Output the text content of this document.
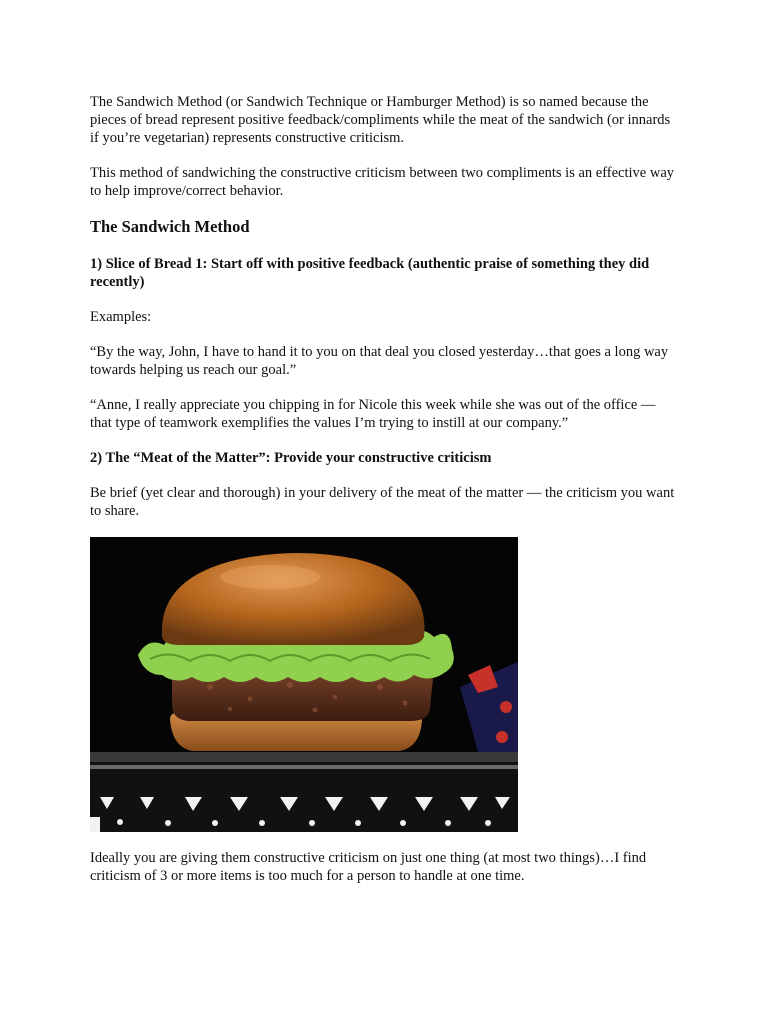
The Sandwich Method (or Sandwich Technique or Hamburger Method) is so named because the pieces of bread represent positive feedback/compliments while the meat of the sandwich (or innards if you’re vegetarian) represents constructive criticism.

This method of sandwiching the constructive criticism between two compliments is an effective way to help improve/correct behavior.

The Sandwich Method

1) Slice of Bread 1: Start off with positive feedback (authentic praise of something they did recently)

Examples:

“By the way, John, I have to hand it to you on that deal you closed yesterday…that goes a long way towards helping us reach our goal.”

“Anne, I really appreciate you chipping in for Nicole this week while she was out of the office — that type of teamwork exemplifies the values I’m trying to instill at our company.”

2) The “Meat of the Matter”: Provide your constructive criticism

Be brief (yet clear and thorough) in your delivery of the meat of the matter — the criticism you want to share.

Ideally you are giving them constructive criticism on just one thing (at most two things)…I find criticism of 3 or more items is too much for a person to handle at one time.
